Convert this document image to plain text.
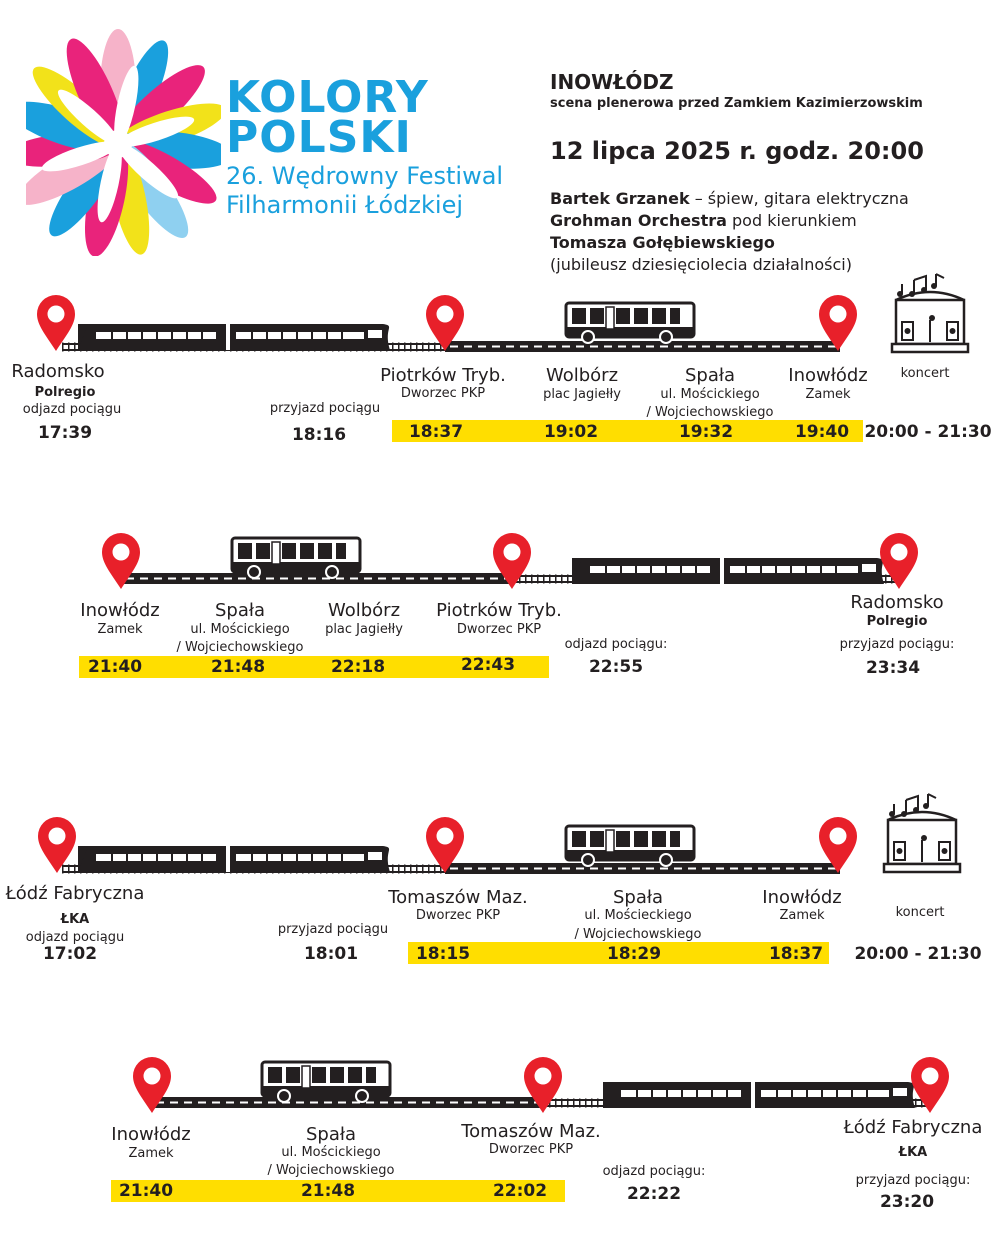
KOLORY
POLSKI
26. Wędrowny Festiwal
Filharmonii Łódzkiej
INOWŁÓDZ
scena plenerowa przed Zamkiem Kazimierzowskim
12 lipca 2025 r. godz. 20:00
Bartek Grzanek – śpiew, gitara elektryczna
Grohman Orchestra pod kierunkiem
Tomasza Gołębiewskiego
(jubileusz dziesięciolecia działalności)
Radomsko
Polregio
odjazd pociągu
17:39
przyjazd pociągu
18:16
Piotrków Tryb.
Dworzec PKP
18:37
Wolbórz
plac Jagiełły
19:02
Spała
ul. Mościckiego
/ Wojciechowskiego
19:32
Inowłódz
Zamek
19:40
koncert
20:00 - 21:30
Inowłódz
Zamek
21:40
Spała
ul. Mościckiego
/ Wojciechowskiego
21:48
Wolbórz
plac Jagiełły
22:18
Piotrków Tryb.
Dworzec PKP
22:43
odjazd pociągu:
22:55
Radomsko
Polregio
przyjazd pociągu:
23:34
Łódź Fabryczna
ŁKA
odjazd pociągu
17:02
przyjazd pociągu
18:01
Tomaszów Maz.
Dworzec PKP
18:15
Spała
ul. Mościeckiego
/ Wojciechowskiego
18:29
Inowłódz
Zamek
18:37
koncert
20:00 - 21:30
Inowłódz
Zamek
21:40
Spała
ul. Mościckiego
/ Wojciechowskiego
21:48
Tomaszów Maz.
Dworzec PKP
22:02
odjazd pociągu:
22:22
Łódź Fabryczna
ŁKA
przyjazd pociągu:
23:20
